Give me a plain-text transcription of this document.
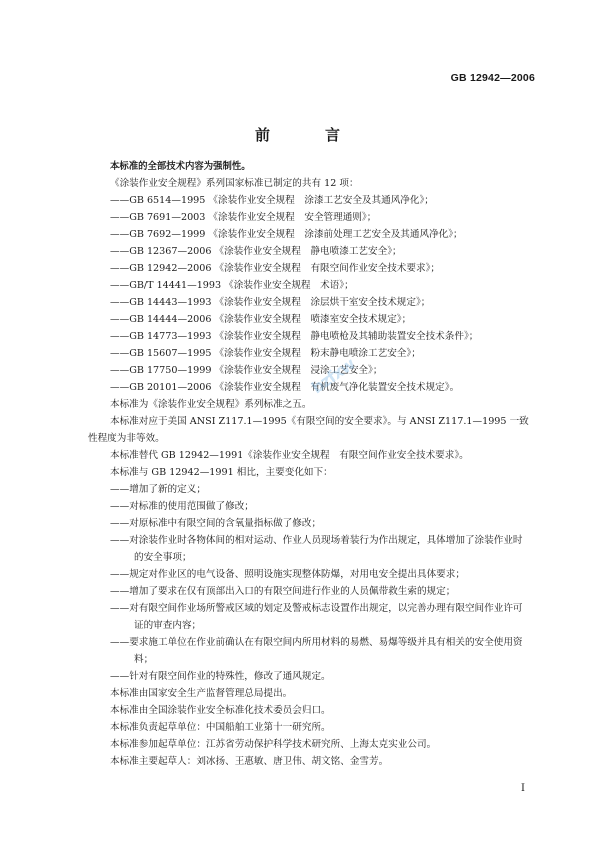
GB 12942—2006
前　言

本标准的全部技术内容为强制性。

《涂装作业安全规程》系列国家标准已制定的共有 12 项：

——GB 6514—1995 《涂装作业安全规程　涂漆工艺安全及其通风净化》；

——GB 7691—2003 《涂装作业安全规程　安全管理通则》；

——GB 7692—1999 《涂装作业安全规程　涂漆前处理工艺安全及其通风净化》；

——GB 12367—2006 《涂装作业安全规程　静电喷漆工艺安全》；

——GB 12942—2006 《涂装作业安全规程　有限空间作业安全技术要求》；

——GB/T 14441—1993 《涂装作业安全规程　术语》；

——GB 14443—1993 《涂装作业安全规程　涂层烘干室安全技术规定》；

——GB 14444—2006 《涂装作业安全规程　喷漆室安全技术规定》；

——GB 14773—1993 《涂装作业安全规程　静电喷枪及其辅助装置安全技术条件》；

——GB 15607—1995 《涂装作业安全规程　粉末静电喷涂工艺安全》；

——GB 17750—1999 《涂装作业安全规程　浸涂工艺安全》；

——GB 20101—2006 《涂装作业安全规程　有机废气净化装置安全技术规定》。

本标准为《涂装作业安全规程》系列标准之五。

本标准对应于美国 ANSI Z117.1—1995《有限空间的安全要求》。与 ANSI Z117.1—1995 一致性程度为非等效。

本标准替代 GB 12942—1991《涂装作业安全规程　有限空间作业安全技术要求》。

本标准与 GB 12942—1991 相比，主要变化如下：

——增加了新的定义；

——对标准的使用范围做了修改；

——对原标准中有限空间的含氧量指标做了修改；

——对涂装作业时各物体间的相对运动、作业人员现场着装行为作出规定，具体增加了涂装作业时的安全事项；

——规定对作业区的电气设备、照明设施实现整体防爆，对用电安全提出具体要求；

——增加了要求在仅有顶部出入口的有限空间进行作业的人员佩带救生索的规定；

——对有限空间作业场所警戒区域的划定及警戒标志设置作出规定，以完善办理有限空间作业许可证的审查内容；

——要求施工单位在作业前确认在有限空间内所用材料的易燃、易爆等级并具有相关的安全使用资料；

——针对有限空间作业的特殊性，修改了通风规定。

本标准由国家安全生产监督管理总局提出。

本标准由全国涂装作业安全标准化技术委员会归口。

本标准负责起草单位：中国船舶工业第十一研究所。

本标准参加起草单位：江苏省劳动保护科学技术研究所、上海太克实业公司。

本标准主要起草人：刘冰扬、王惠敏、唐卫伟、胡文铭、金雪芳。

bzfxw
I
